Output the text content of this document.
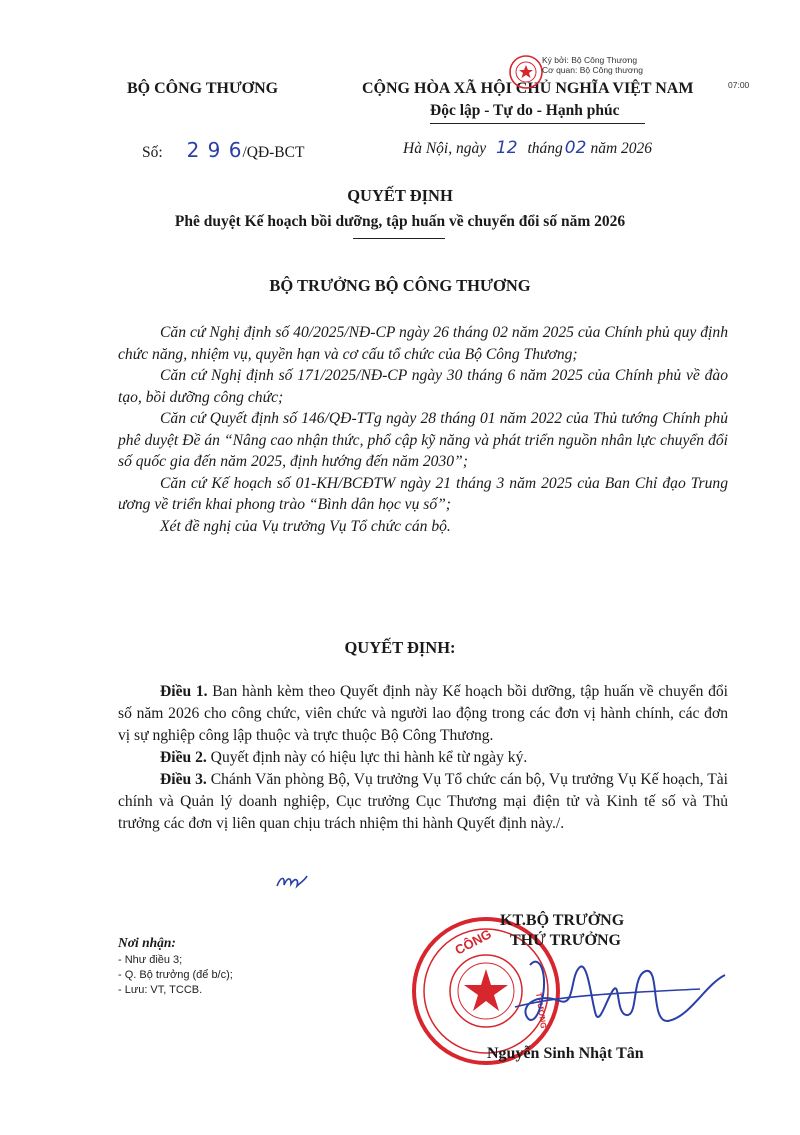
BỘ CÔNG THƯƠNG
Số: 2 9 6/QĐ-BCT
CỘNG HÒA XÃ HỘI CHỦ NGHĨA VIỆT NAM
Độc lập - Tự do - Hạnh phúc
Ký bởi: Bộ Công Thương
Cơ quan: Bộ Công thương
07:00
Hà Nội, ngày 12 tháng 02 năm 2026
QUYẾT ĐỊNH
Phê duyệt Kế hoạch bồi dưỡng, tập huấn về chuyển đổi số năm 2026
BỘ TRƯỞNG BỘ CÔNG THƯƠNG

Căn cứ Nghị định số 40/2025/NĐ-CP ngày 26 tháng 02 năm 2025 của Chính phủ quy định chức năng, nhiệm vụ, quyền hạn và cơ cấu tổ chức của Bộ Công Thương;

Căn cứ Nghị định số 171/2025/NĐ-CP ngày 30 tháng 6 năm 2025 của Chính phủ về đào tạo, bồi dưỡng công chức;

Căn cứ Quyết định số 146/QĐ-TTg ngày 28 tháng 01 năm 2022 của Thủ tướng Chính phủ phê duyệt Đề án “Nâng cao nhận thức, phổ cập kỹ năng và phát triển nguồn nhân lực chuyển đổi số quốc gia đến năm 2025, định hướng đến năm 2030”;

Căn cứ Kế hoạch số 01-KH/BCĐTW ngày 21 tháng 3 năm 2025 của Ban Chỉ đạo Trung ương về triển khai phong trào “Bình dân học vụ số”;

Xét đề nghị của Vụ trưởng Vụ Tổ chức cán bộ.

QUYẾT ĐỊNH:

Điều 1. Ban hành kèm theo Quyết định này Kế hoạch bồi dưỡng, tập huấn về chuyển đổi số năm 2026 cho công chức, viên chức và người lao động trong các đơn vị hành chính, các đơn vị sự nghiệp công lập thuộc và trực thuộc Bộ Công Thương.

Điều 2. Quyết định này có hiệu lực thi hành kể từ ngày ký.

Điều 3. Chánh Văn phòng Bộ, Vụ trưởng Vụ Tổ chức cán bộ, Vụ trưởng Vụ Kế hoạch, Tài chính và Quản lý doanh nghiệp, Cục trưởng Cục Thương mại điện tử và Kinh tế số và Thủ trưởng các đơn vị liên quan chịu trách nhiệm thi hành Quyết định này./.

Nơi nhận:
- Như điều 3;
- Q. Bộ trưởng (để b/c);
- Lưu: VT, TCCB.
CÔNG
THƯƠNG
KT.BỘ TRƯỞNG
THỨ TRƯỞNG
Nguyễn Sinh Nhật Tân
